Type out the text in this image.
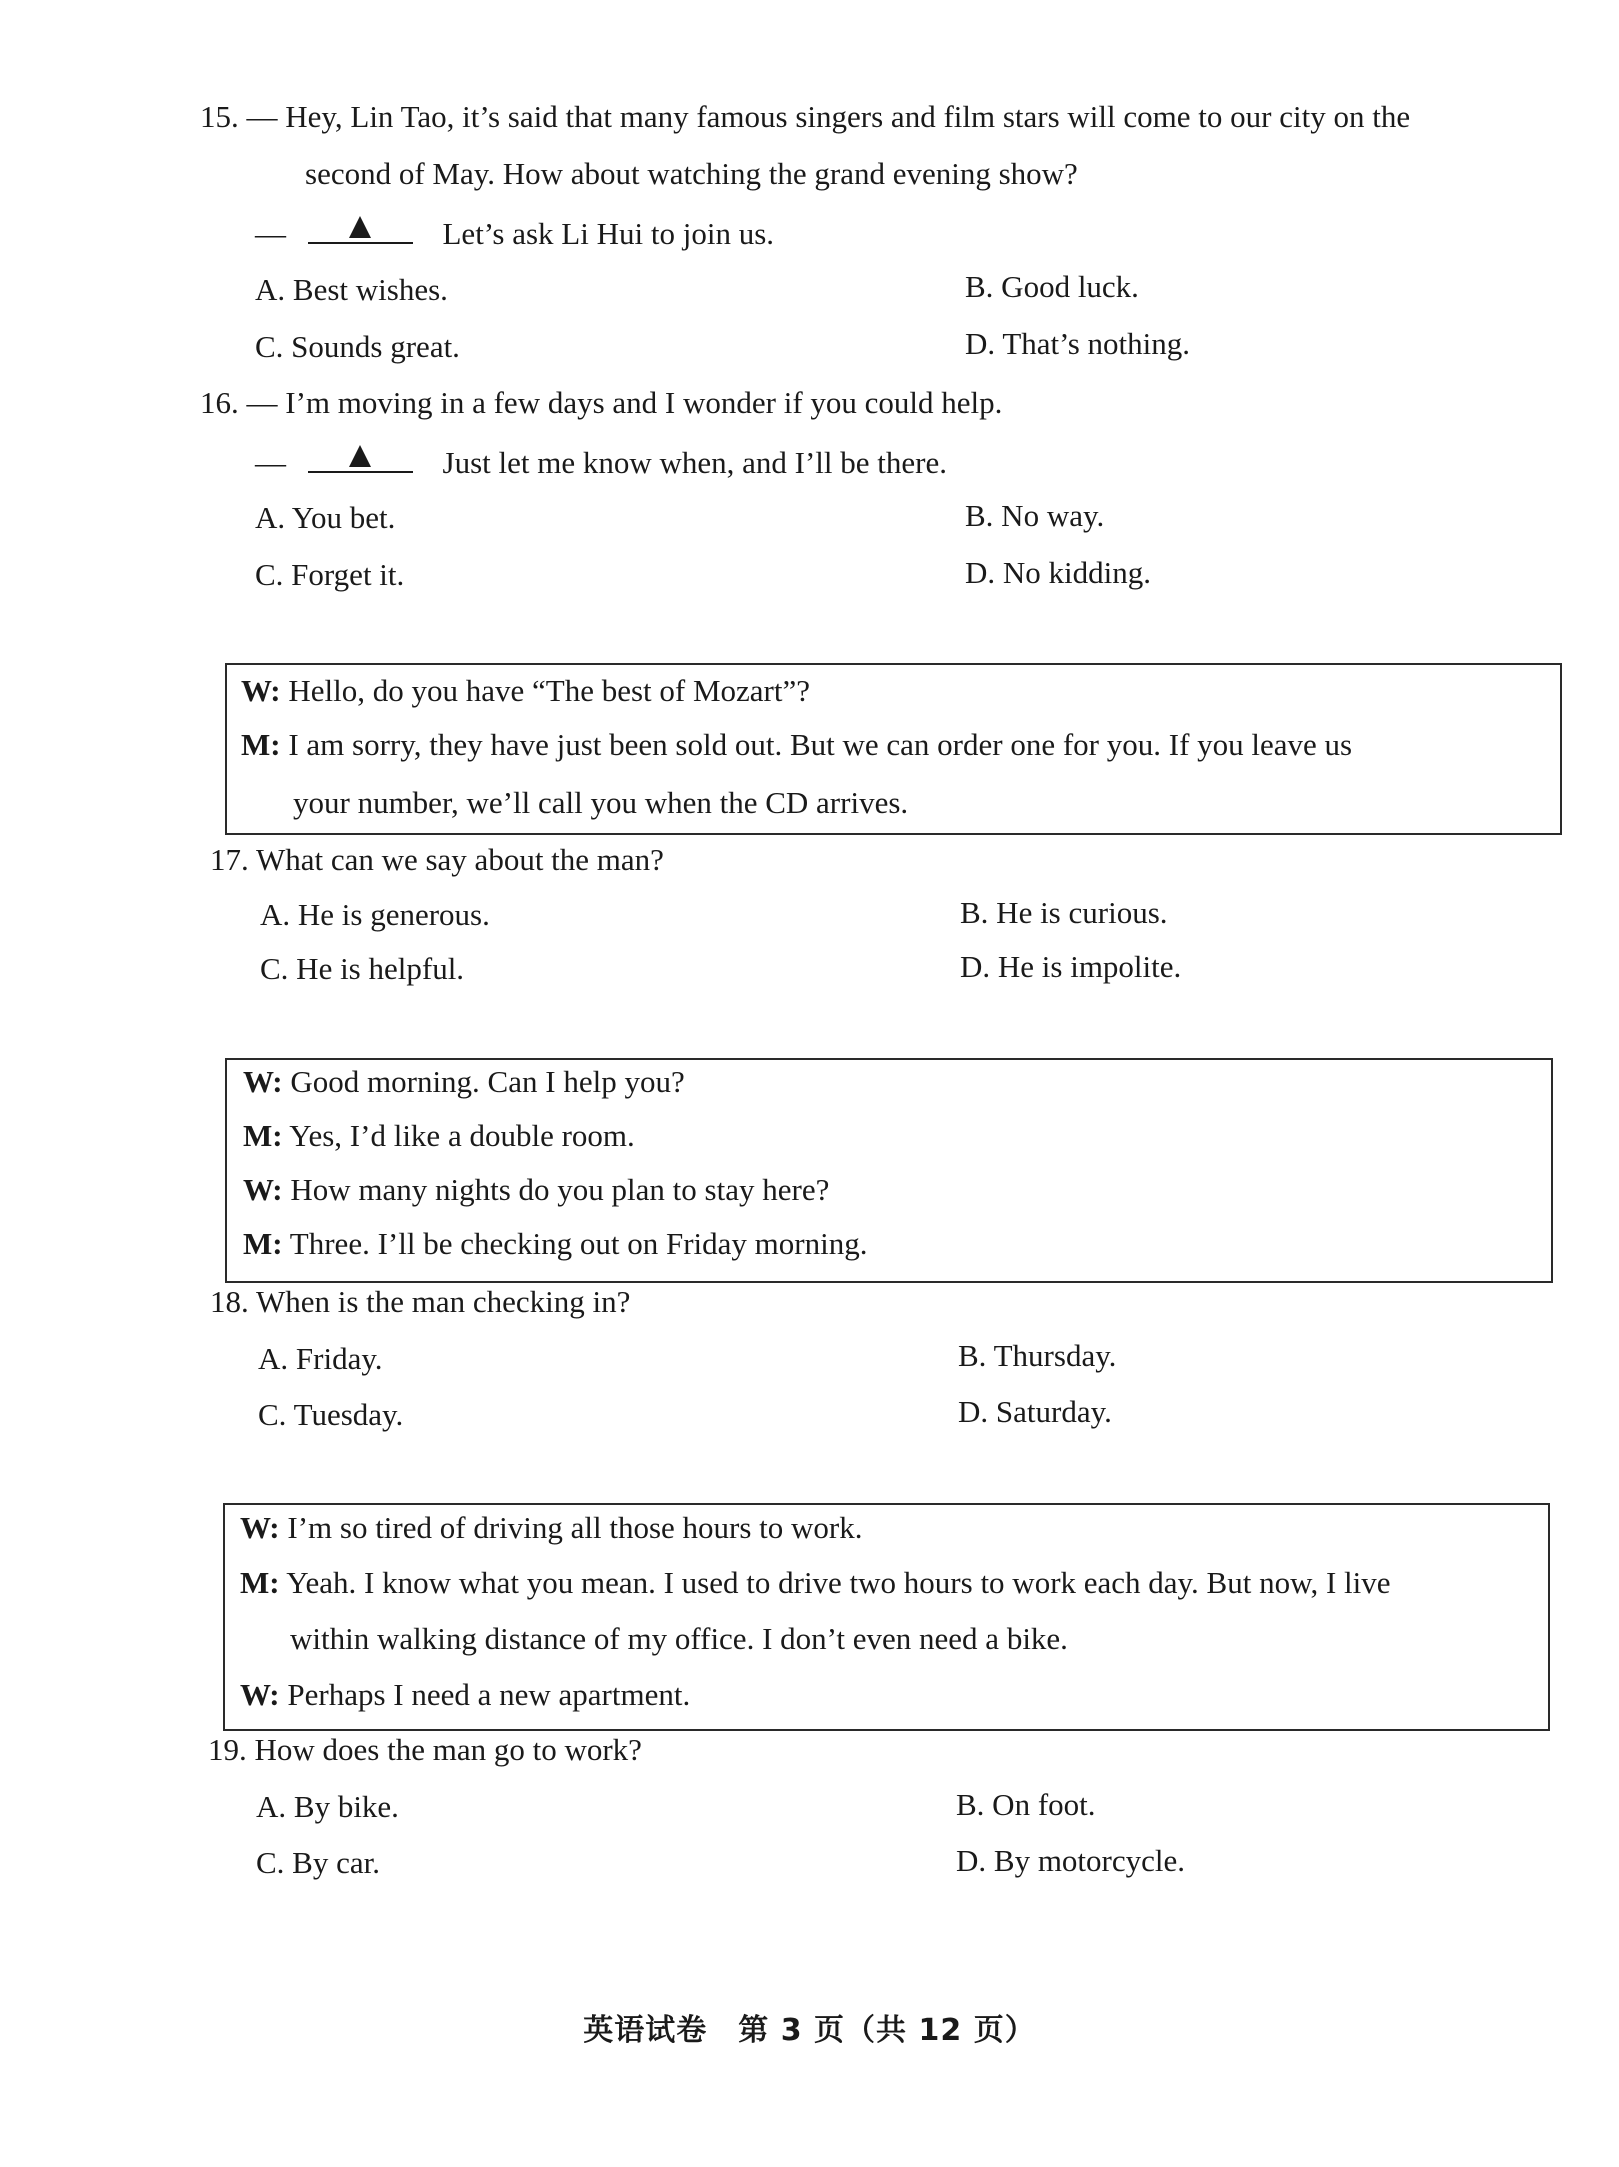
15. — Hey, Lin Tao, it’s said that many famous singers and film stars will come to our city on the
second of May. How about watching the grand evening show?
—	Let’s ask Li Hui to join us.
A. Best wishes.	B. Good luck.
C. Sounds great.	D. That’s nothing.
16. — I’m moving in a few days and I wonder if you could help.
—	Just let me know when, and I’ll be there.
A. You bet.	B. No way.
C. Forget it.	D. No kidding.
W: Hello, do you have “The best of Mozart”?
M: I am sorry, they have just been sold out. But we can order one for you. If you leave us
your number, we’ll call you when the CD arrives.
17. What can we say about the man?
A. He is generous.	B. He is curious.
C. He is helpful.	D. He is impolite.
W: Good morning. Can I help you?
M: Yes, I’d like a double room.
W: How many nights do you plan to stay here?
M: Three. I’ll be checking out on Friday morning.
18. When is the man checking in?
A. Friday.	B. Thursday.
C. Tuesday.	D. Saturday.
W: I’m so tired of driving all those hours to work.
M: Yeah. I know what you mean. I used to drive two hours to work each day. But now, I live
within walking distance of my office. I don’t even need a bike.
W: Perhaps I need a new apartment.
19. How does the man go to work?
A. By bike.	B. On foot.
C. By car.	D. By motorcycle.
英语试卷　第 3 页（共 12 页）
